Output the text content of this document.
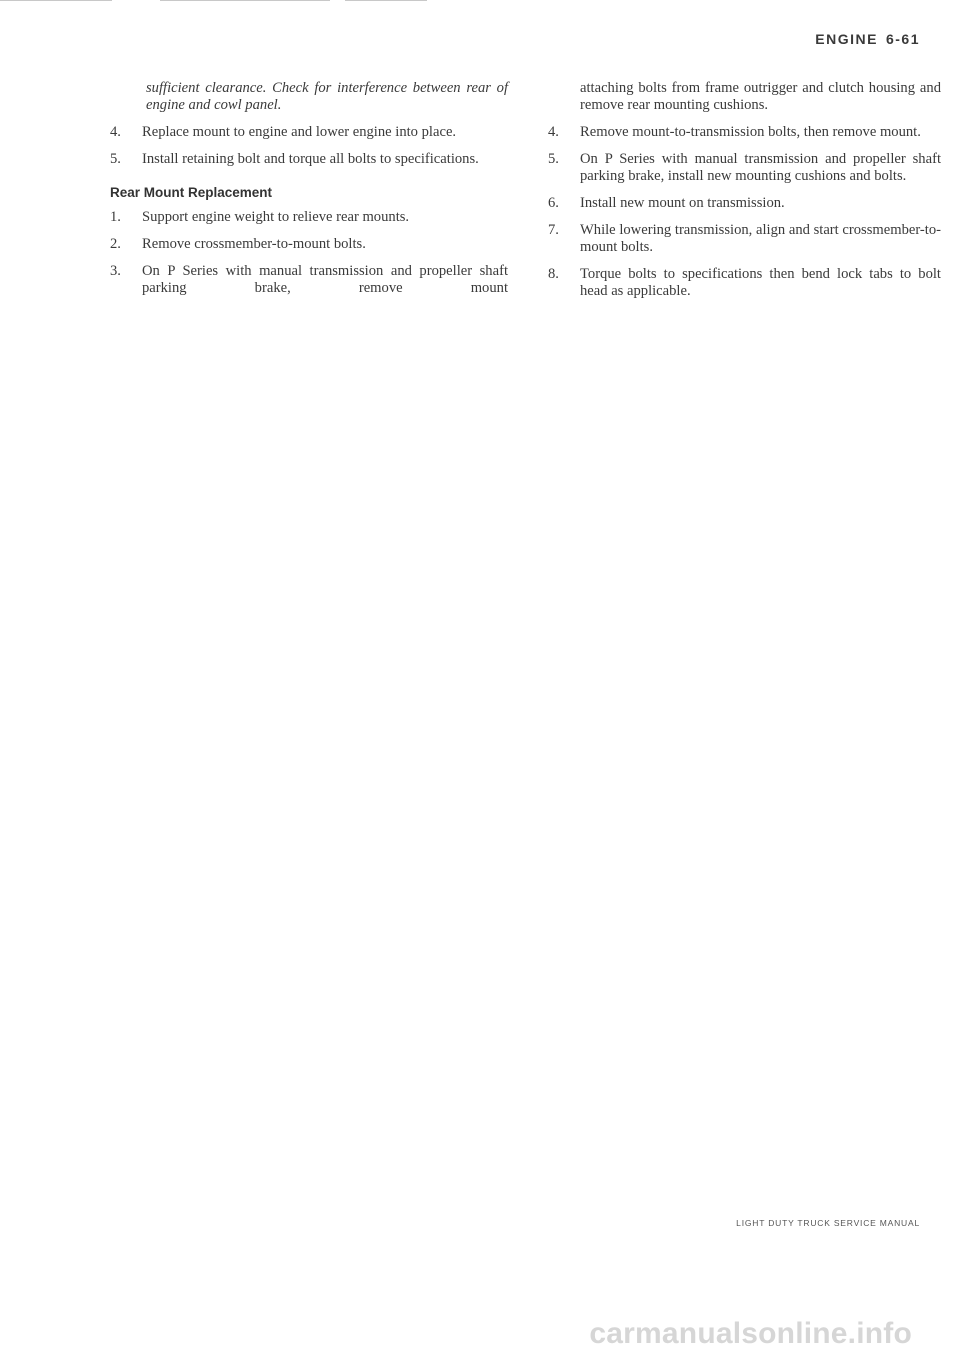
ENGINE 6-61

sufficient clearance. Check for interference between rear of engine and cowl panel.

4.	Replace mount to engine and lower engine into place.
5.	Install retaining bolt and torque all bolts to specifications.
Rear Mount Replacement
1.	Support engine weight to relieve rear mounts.
2.	Remove crossmember-to-mount bolts.
3.	On P Series with manual transmission and propeller shaft parking brake, remove mount

attaching bolts from frame outrigger and clutch housing and remove rear mounting cushions.

4.	Remove mount-to-transmission bolts, then remove mount.
5.	On P Series with manual transmission and propeller shaft parking brake, install new mounting cushions and bolts.
6.	Install new mount on transmission.
7.	While lowering transmission, align and start crossmember-to-mount bolts.
8.	Torque bolts to specifications then bend lock tabs to bolt head as applicable.
LIGHT DUTY TRUCK SERVICE MANUAL
carmanualsonline.info
